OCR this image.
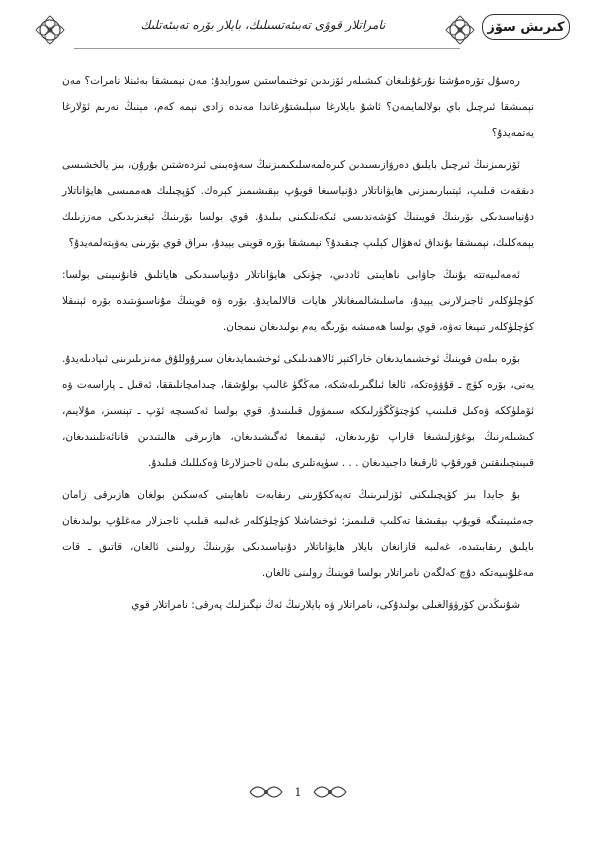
نامراتلار قوۋى تەبىئەتسىلىك، بايلار بۆرە تەبىئەتلىك	كىرىش سۆز

رەسۇل تۆرەمۇشتا نۇرغۇنلىغان كىشىلەر ئۆزىدىن توختىماستىن سورايدۇ: مەن نېمىشقا بەئىنلا نامرات؟ مەن نېمىشقا ئىرچىل باي بولالمايمەن؟ ئاشۇ بايلارغا سېلىشتۇرغاندا مەندە زادى نېمە كەم، مېنىڭ نەرىم ئۆلارغا يەتمەيدۇ؟

ئۆزىمىزنىڭ ئىرچىل بايلىق دەرۋازىسىدىن كىرەلمەسلىكىمىزنىڭ سەۋەبىنى ئىزدەشتىن بۇرۇن، بىز يالخشىسى دىققەت قىلىپ، ئېتىبارىمىزنى ھايۋاناتلار دۇنياسىغا قويۇپ بېقىشىمىز كېرەك. كۆپچىلىك ھەممىسى ھايۋاناتلار دۇنياسىدىكى بۆرىنىڭ قويىنىڭ كۆشەندىسى ئىكەنلىكىنى بىلىدۇ. قوي بولسا بۆرىنىڭ ئېغىزىدىكى مەززىلىك يېمەكلىك، نېمىشقا بۇنداق ئەھۋال كېلىپ چىقىدۇ؟ نېمىشقا بۆرە قوينى يېيدۇ، بىراق قوي بۆرىنى يەۋېتەلمەيدۇ؟

ئەمەلىيەتتە بۇنىڭ جاۋابى ناھايىتى ئاددىي، چۈنكى ھايۋاناتلار دۇنياسىدىكى ھاياتلىق قانۇنىيىتى بولسا: كۈچلۈكلەر ئاجىزلارنى يېيدۇ، ماسلىشالمىغانلار ھايات قالالمايدۇ. بۆرە ۋە قوينىڭ مۇناسىۋىتىدە بۆرە ئېنىقلا كۈچلۈكلەر تىپىغا تەۋە، قوي بولسا ھەمىشە بۆرىگە يەم بولىدىغان نىمجان.

بۆرە بىلەن قوينىڭ ئوخشىمايدىغان خاراكتېر ئالاھىدىلىكى ئوخشىمايدىغان سىرۇوللۇق مەنزىلىرىنى ئىپادىلەيدۇ. يەنى، بۆرە كۈچ ـ قۇۋۋەتكە، ئالغا ئىلگىرىلەشكە، مەڭگۈ غالىپ بولۇشقا، چىدامچانلىققا، ئەقىل ـ پاراسەت ۋە ئۆملۈككە ۋەكىل قىلىنىپ كۈچتۈڭگۈرلىككە سىمۋول قىلىنىدۇ. قوي بولسا ئەكسىچە ئۆپ ـ تېنسىز، مۇلايىم، كىشىلەرنىڭ بوغۇزلىشىغا قاراپ تۇرىدىغان، ئېقىمغا ئەگىشىدىغان، ھازىرقى ھالىتىدىن قانائەتلىنىدىغان، قىيىنچىلىقتىن قورقۇپ ئارقىغا داجىيدىغان . . . سۈپەتلىرى بىلەن ئاجىزلارغا ۋەكىللىك قىلىدۇ.

بۇ جايدا بىز كۆپچىلىكنى ئۆزلىرىنىڭ تەپەككۇرىنى رىقابەت ناھايىتى كەسكىن بولغان ھازىرقى زامان جەمئىيىتىگە قويۇپ بېقىشقا تەكلىپ قىلىمىز: ئوخشاشلا كۈچلۈكلەر غەلىبە قىلىپ ئاجىزلار مەغلۇپ بولىدىغان بايلىق رىقابىتىدە، غەلىبە قازانغان بايلار ھايۋاناتلار دۇنياسىدىكى بۆرىنىڭ رولىنى ئالغان، قاتىق ـ قات مەغلۇبىيەتكە دۇچ كەلگەن نامراتلار بولسا قوينىڭ رولىنى ئالغان.

شۇنىڭدىن كۆرۈۋالغىلى بولىدۇكى، نامراتلار ۋە بايلارنىڭ ئەڭ نېگىزلىك پەرقى: نامراتلار قوي

1
